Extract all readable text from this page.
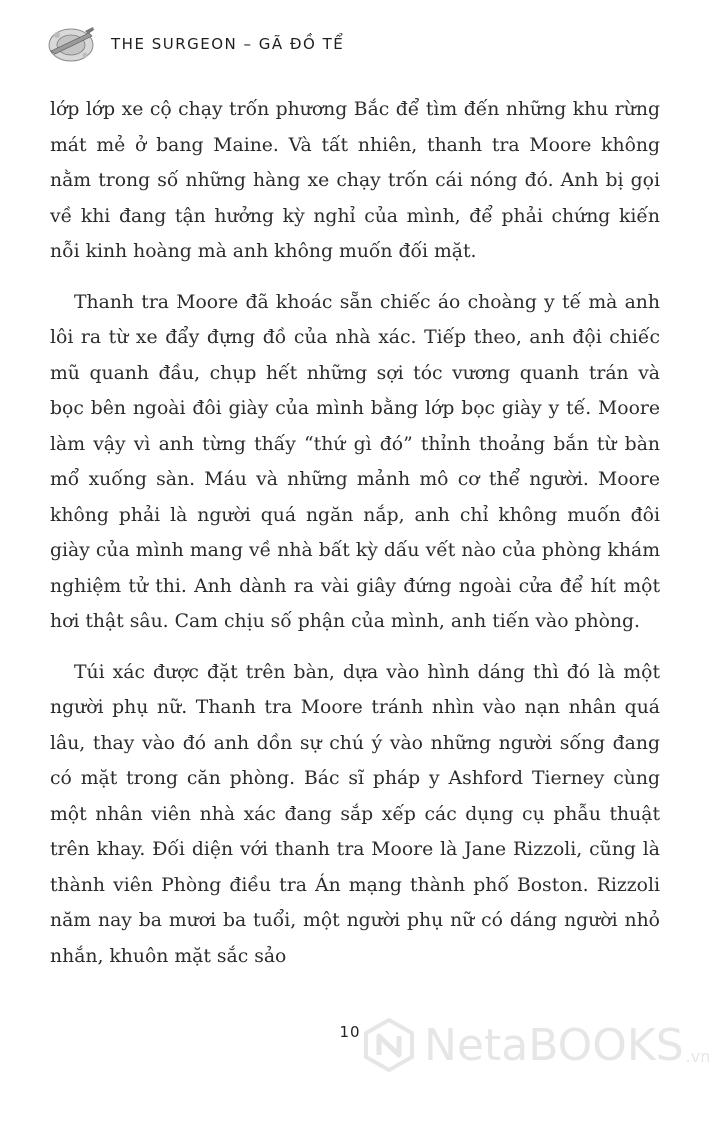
THE SURGEON – GÃ ĐỒ TỂ

lớp lớp xe cộ chạy trốn phương Bắc để tìm đến những khu rừng mát mẻ ở bang Maine. Và tất nhiên, thanh tra Moore không nằm trong số những hàng xe chạy trốn cái nóng đó. Anh bị gọi về khi đang tận hưởng kỳ nghỉ của mình, để phải chứng kiến nỗi kinh hoàng mà anh không muốn đối mặt.

Thanh tra Moore đã khoác sẵn chiếc áo choàng y tế mà anh lôi ra từ xe đẩy đựng đồ của nhà xác. Tiếp theo, anh đội chiếc mũ quanh đầu, chụp hết những sợi tóc vương quanh trán và bọc bên ngoài đôi giày của mình bằng lớp bọc giày y tế. Moore làm vậy vì anh từng thấy “thứ gì đó” thỉnh thoảng bắn từ bàn mổ xuống sàn. Máu và những mảnh mô cơ thể người. Moore không phải là người quá ngăn nắp, anh chỉ không muốn đôi giày của mình mang về nhà bất kỳ dấu vết nào của phòng khám nghiệm tử thi. Anh dành ra vài giây đứng ngoài cửa để hít một hơi thật sâu. Cam chịu số phận của mình, anh tiến vào phòng.

Túi xác được đặt trên bàn, dựa vào hình dáng thì đó là một người phụ nữ. Thanh tra Moore tránh nhìn vào nạn nhân quá lâu, thay vào đó anh dồn sự chú ý vào những người sống đang có mặt trong căn phòng. Bác sĩ pháp y Ashford Tierney cùng một nhân viên nhà xác đang sắp xếp các dụng cụ phẫu thuật trên khay. Đối diện với thanh tra Moore là Jane Rizzoli, cũng là thành viên Phòng điều tra Án mạng thành phố Boston. Rizzoli năm nay ba mươi ba tuổi, một người phụ nữ có dáng người nhỏ nhắn, khuôn mặt sắc sảo

10	NetaBOOKS .vn
